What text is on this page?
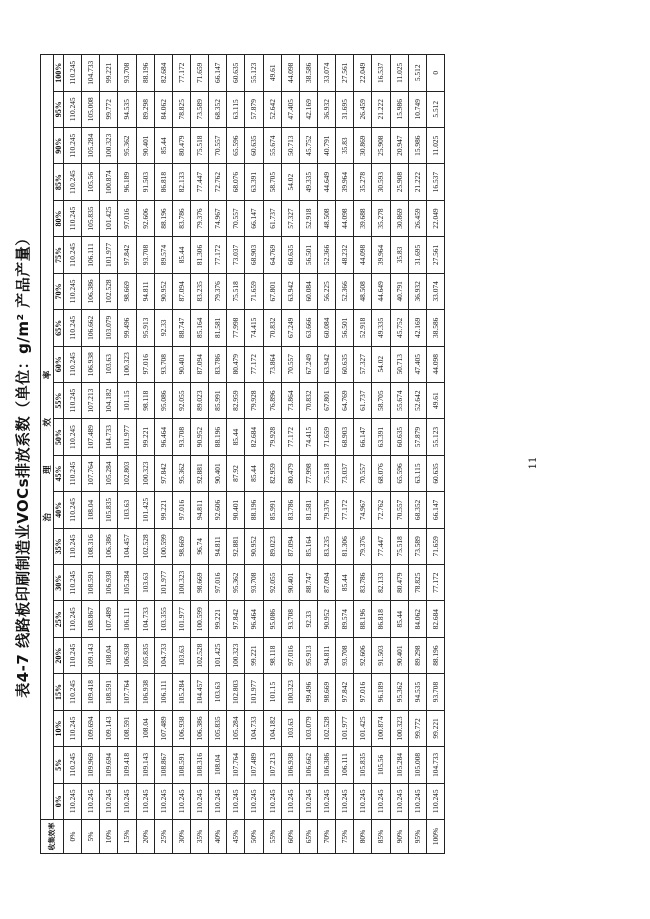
表4-7 线路板印刷制造业VOCs排放系数（单位：g/m² 产品产量）
收集效率	治 理 效 率																				
	0%	5%	10%	15%	20%	25%	30%	35%	40%	45%	50%	55%	60%	65%	70%	75%	80%	85%	90%	95%	100%
0%	110.245	110.245	110.245	110.245	110.245	110.245	110.245	110.245	110.245	110.245	110.245	110.245	110.245	110.245	110.245	110.245	110.245	110.245	110.245	110.245	110.245
5%	110.245	109.969	109.694	109.418	109.143	108.867	108.591	108.316	108.04	107.764	107.489	107.213	106.938	106.662	106.386	106.111	105.835	105.56	105.284	105.008	104.733
10%	110.245	109.694	109.143	108.591	108.04	107.489	106.938	106.386	105.835	105.284	104.733	104.182	103.63	103.079	102.528	101.977	101.425	100.874	100.323	99.772	99.221
15%	110.245	109.418	108.591	107.764	106.938	106.111	105.284	104.457	103.63	102.803	101.977	101.15	100.323	99.496	98.669	97.842	97.016	96.189	95.362	94.535	93.708
20%	110.245	109.143	108.04	106.938	105.835	104.733	103.63	102.528	101.425	100.323	99.221	98.118	97.016	95.913	94.811	93.708	92.606	91.503	90.401	89.298	88.196
25%	110.245	108.867	107.489	106.111	104.733	103.355	101.977	100.599	99.221	97.842	96.464	95.086	93.708	92.33	90.952	89.574	88.196	86.818	85.44	84.062	82.684
30%	110.245	108.591	106.938	105.284	103.63	101.977	100.323	98.669	97.016	95.362	93.708	92.055	90.401	88.747	87.094	85.44	83.786	82.133	80.479	78.825	77.172
35%	110.245	108.316	106.386	104.457	102.528	100.599	98.669	96.74	94.811	92.881	90.952	89.023	87.094	85.164	83.235	81.306	79.376	77.447	75.518	73.589	71.659
40%	110.245	108.04	105.835	103.63	101.425	99.221	97.016	94.811	92.606	90.401	88.196	85.991	83.786	81.581	79.376	77.172	74.967	72.762	70.557	68.352	66.147
45%	110.245	107.764	105.284	102.803	100.323	97.842	95.362	92.881	90.401	87.92	85.44	82.959	80.479	77.998	75.518	73.037	70.557	68.076	65.596	63.115	60.635
50%	110.245	107.489	104.733	101.977	99.221	96.464	93.708	90.952	88.196	85.44	82.684	79.928	77.172	74.415	71.659	68.903	66.147	63.391	60.635	57.879	55.123
55%	110.245	107.213	104.182	101.15	98.118	95.086	92.055	89.023	85.991	82.959	79.928	76.896	73.864	70.832	67.801	64.769	61.737	58.705	55.674	52.642	49.61
60%	110.245	106.938	103.63	100.323	97.016	93.708	90.401	87.094	83.786	80.479	77.172	73.864	70.557	67.249	63.942	60.635	57.327	54.02	50.713	47.405	44.098
65%	110.245	106.662	103.079	99.496	95.913	92.33	88.747	85.164	81.581	77.998	74.415	70.832	67.249	63.666	60.084	56.501	52.918	49.335	45.752	42.169	38.586
70%	110.245	106.386	102.528	98.669	94.811	90.952	87.094	83.235	79.376	75.518	71.659	67.801	63.942	60.084	56.225	52.366	48.508	44.649	40.791	36.932	33.074
75%	110.245	106.111	101.977	97.842	93.708	89.574	85.44	81.306	77.172	73.037	68.903	64.769	60.635	56.501	52.366	48.232	44.098	39.964	35.83	31.695	27.561
80%	110.245	105.835	101.425	97.016	92.606	88.196	83.786	79.376	74.967	70.557	66.147	61.737	57.327	52.918	48.508	44.098	39.688	35.278	30.869	26.459	22.049
85%	110.245	105.56	100.874	96.189	91.503	86.818	82.133	77.447	72.762	68.076	63.391	58.705	54.02	49.335	44.649	39.964	35.278	30.593	25.908	21.222	16.537
90%	110.245	105.284	100.323	95.362	90.401	85.44	80.479	75.518	70.557	65.596	60.635	55.674	50.713	45.752	40.791	35.83	30.869	25.908	20.947	15.986	11.025
95%	110.245	105.008	99.772	94.535	89.298	84.062	78.825	73.589	68.352	63.115	57.879	52.642	47.405	42.169	36.932	31.695	26.459	21.222	15.986	10.749	5.512
100%	110.245	104.733	99.221	93.708	88.196	82.684	77.172	71.659	66.147	60.635	55.123	49.61	44.098	38.586	33.074	27.561	22.049	16.537	11.025	5.512	0
11
